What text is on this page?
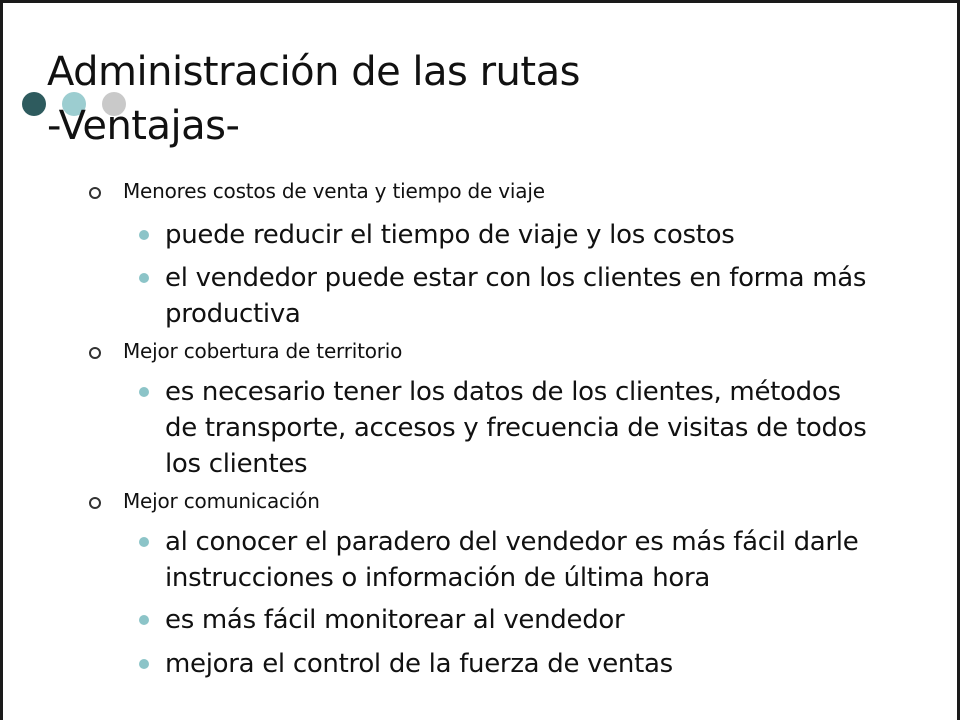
Administración de las rutas
-Ventajas-
Menores costos de venta y tiempo de viaje
puede reducir el tiempo de viaje y los costos
el vendedor puede estar con los clientes en forma más
productiva
Mejor cobertura de territorio
es necesario tener los datos de los clientes, métodos
de transporte, accesos y frecuencia de visitas de todos
los clientes
Mejor comunicación
al conocer el paradero del vendedor es más fácil darle
instrucciones o información de última hora
es más fácil monitorear al vendedor
mejora el control de la fuerza de ventas
